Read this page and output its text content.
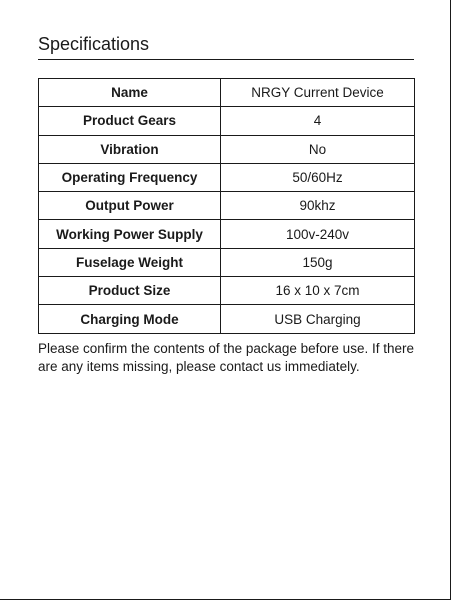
Specifications
Name	NRGY Current Device
Product Gears	4
Vibration	No
Operating Frequency	50/60Hz
Output Power	90khz
Working Power Supply	100v-240v
Fuselage Weight	150g
Product Size	16 x 10 x 7cm
Charging Mode	USB Charging
Please confirm the contents of the package before use. If there are any items missing, please contact us immediately.
